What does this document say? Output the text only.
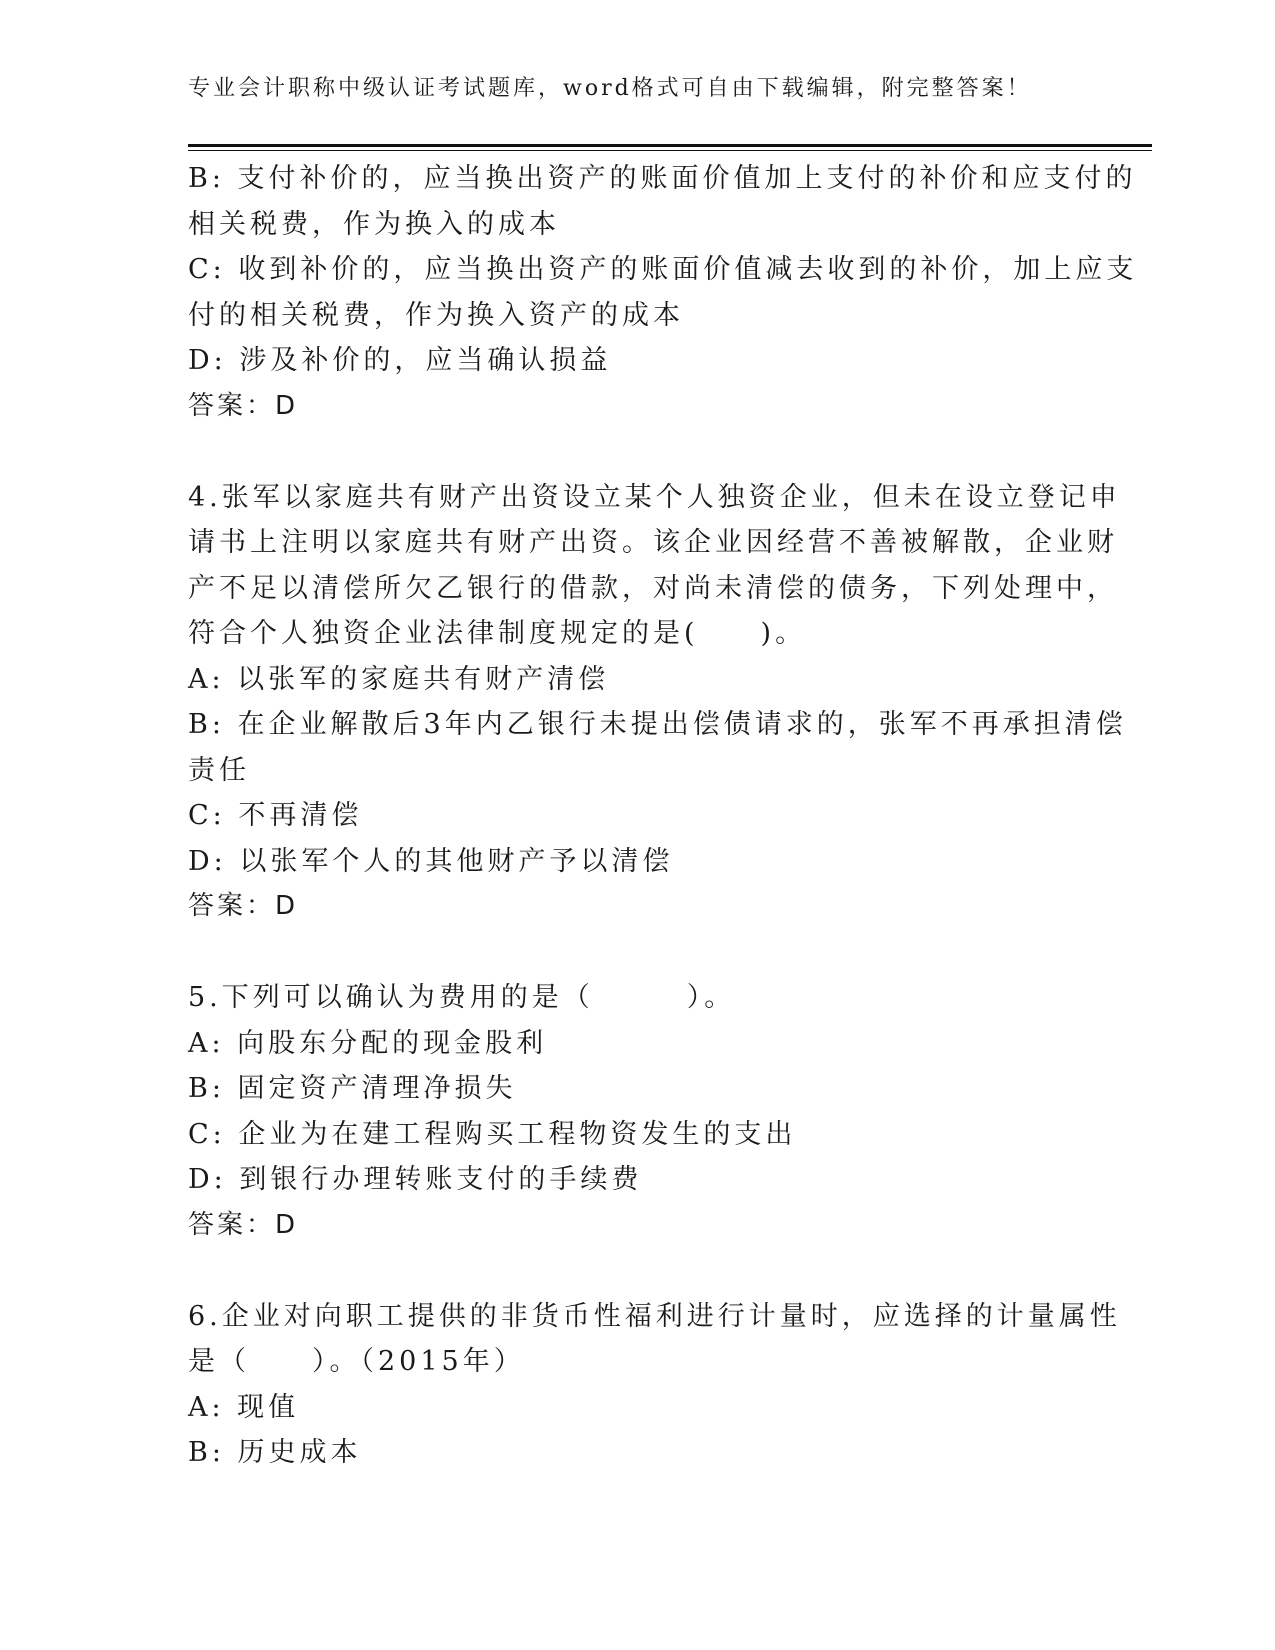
专业会计职称中级认证考试题库，word格式可自由下载编辑，附完整答案！
B: 支付补价的，应当换出资产的账面价值加上支付的补价和应支付的
相关税费，作为换入的成本
C: 收到补价的，应当换出资产的账面价值减去收到的补价，加上应支
付的相关税费，作为换入资产的成本
D: 涉及补价的，应当确认损益
答案：D
4.张军以家庭共有财产出资设立某个人独资企业，但未在设立登记申
请书上注明以家庭共有财产出资。该企业因经营不善被解散，企业财
产不足以清偿所欠乙银行的借款，对尚未清偿的债务，下列处理中，
符合个人独资企业法律制度规定的是(　　)。
A: 以张军的家庭共有财产清偿
B: 在企业解散后3年内乙银行未提出偿债请求的，张军不再承担清偿
责任
C: 不再清偿
D: 以张军个人的其他财产予以清偿
答案：D
5.下列可以确认为费用的是（　　　）。
A: 向股东分配的现金股利
B: 固定资产清理净损失
C: 企业为在建工程购买工程物资发生的支出
D: 到银行办理转账支付的手续费
答案：D
6.企业对向职工提供的非货币性福利进行计量时，应选择的计量属性
是（　　）。（2015年）
A: 现值
B: 历史成本
